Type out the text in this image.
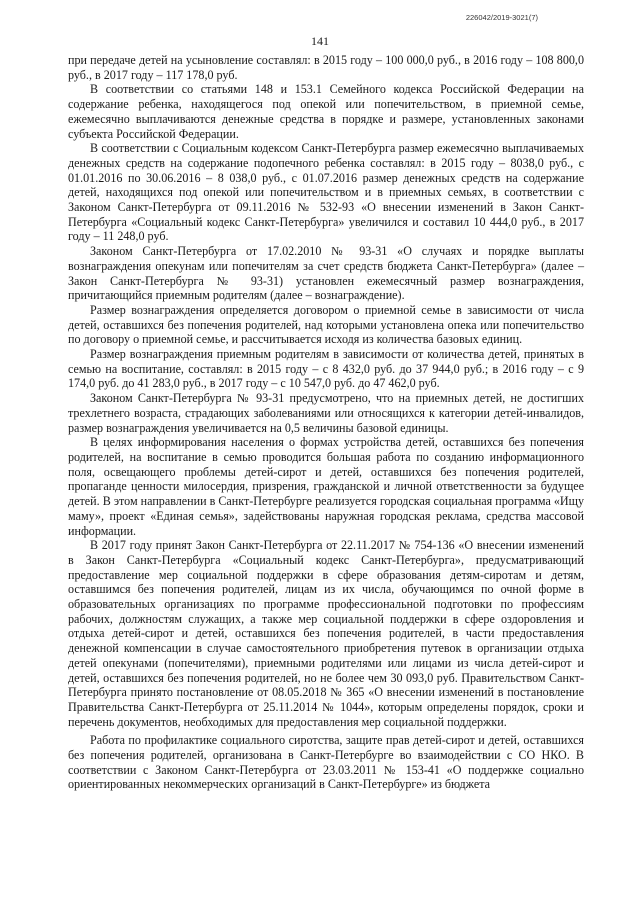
226042/2019-3021(7)
141

при передаче детей на усыновление составлял: в 2015 году – 100 000,0 руб., в 2016 году – 108 800,0 руб., в 2017 году – 117 178,0 руб.

В соответствии со статьями 148 и 153.1 Семейного кодекса Российской Федерации на содержание ребенка, находящегося под опекой или попечительством, в приемной семье, ежемесячно выплачиваются денежные средства в порядке и размере, установленных законами субъекта Российской Федерации.

В соответствии с Социальным кодексом Санкт-Петербурга размер ежемесячно выплачиваемых денежных средств на содержание подопечного ребенка составлял: в 2015 году – 8038,0 руб., с 01.01.2016 по 30.06.2016 – 8 038,0 руб., с 01.07.2016 размер денежных средств на содержание детей, находящихся под опекой или попечительством и в приемных семьях, в соответствии с Законом Санкт-Петербурга от 09.11.2016 № 532-93 «О внесении изменений в Закон Санкт-Петербурга «Социальный кодекс Санкт-Петербурга» увеличился и составил 10 444,0 руб., в 2017 году – 11 248,0 руб.

Законом Санкт-Петербурга от 17.02.2010 № 93-31 «О случаях и порядке выплаты вознаграждения опекунам или попечителям за счет средств бюджета Санкт-Петербурга» (далее – Закон Санкт-Петербурга № 93-31) установлен ежемесячный размер вознаграждения, причитающийся приемным родителям (далее – вознаграждение).

Размер вознаграждения определяется договором о приемной семье в зависимости от числа детей, оставшихся без попечения родителей, над которыми установлена опека или попечительство по договору о приемной семье, и рассчитывается исходя из количества базовых единиц.

Размер вознаграждения приемным родителям в зависимости от количества детей, принятых в семью на воспитание, составлял: в 2015 году – с 8 432,0 руб. до 37 944,0 руб.; в 2016 году – с 9 174,0 руб. до 41 283,0 руб., в 2017 году – с 10 547,0 руб. до 47 462,0 руб.

Законом Санкт-Петербурга № 93-31 предусмотрено, что на приемных детей, не достигших трехлетнего возраста, страдающих заболеваниями или относящихся к категории детей-инвалидов, размер вознаграждения увеличивается на 0,5 величины базовой единицы.

В целях информирования населения о формах устройства детей, оставшихся без попечения родителей, на воспитание в семью проводится большая работа по созданию информационного поля, освещающего проблемы детей-сирот и детей, оставшихся без попечения родителей, пропаганде ценности милосердия, призрения, гражданской и личной ответственности за будущее детей. В этом направлении в Санкт-Петербурге реализуется городская социальная программа «Ищу маму», проект «Единая семья», задействованы наружная городская реклама, средства массовой информации.

В 2017 году принят Закон Санкт-Петербурга от 22.11.2017 № 754-136 «О внесении изменений в Закон Санкт-Петербурга «Социальный кодекс Санкт-Петербурга», предусматривающий предоставление мер социальной поддержки в сфере образования детям-сиротам и детям, оставшимся без попечения родителей, лицам из их числа, обучающимся по очной форме в образовательных организациях по программе профессиональной подготовки по профессиям рабочих, должностям служащих, а также мер социальной поддержки в сфере оздоровления и отдыха детей-сирот и детей, оставшихся без попечения родителей, в части предоставления денежной компенсации в случае самостоятельного приобретения путевок в организации отдыха детей опекунами (попечителями), приемными родителями или лицами из числа детей-сирот и детей, оставшихся без попечения родителей, но не более чем 30 093,0 руб. Правительством Санкт-Петербурга принято постановление от 08.05.2018 № 365 «О внесении изменений в постановление Правительства Санкт-Петербурга от 25.11.2014 № 1044», которым определены порядок, сроки и перечень документов, необходимых для предоставления мер социальной поддержки.

Работа по профилактике социального сиротства, защите прав детей-сирот и детей, оставшихся без попечения родителей, организована в Санкт-Петербурге во взаимодействии с СО НКО. В соответствии с Законом Санкт-Петербурга от 23.03.2011 № 153-41 «О поддержке социально ориентированных некоммерческих организаций в Санкт-Петербурге» из бюджета
